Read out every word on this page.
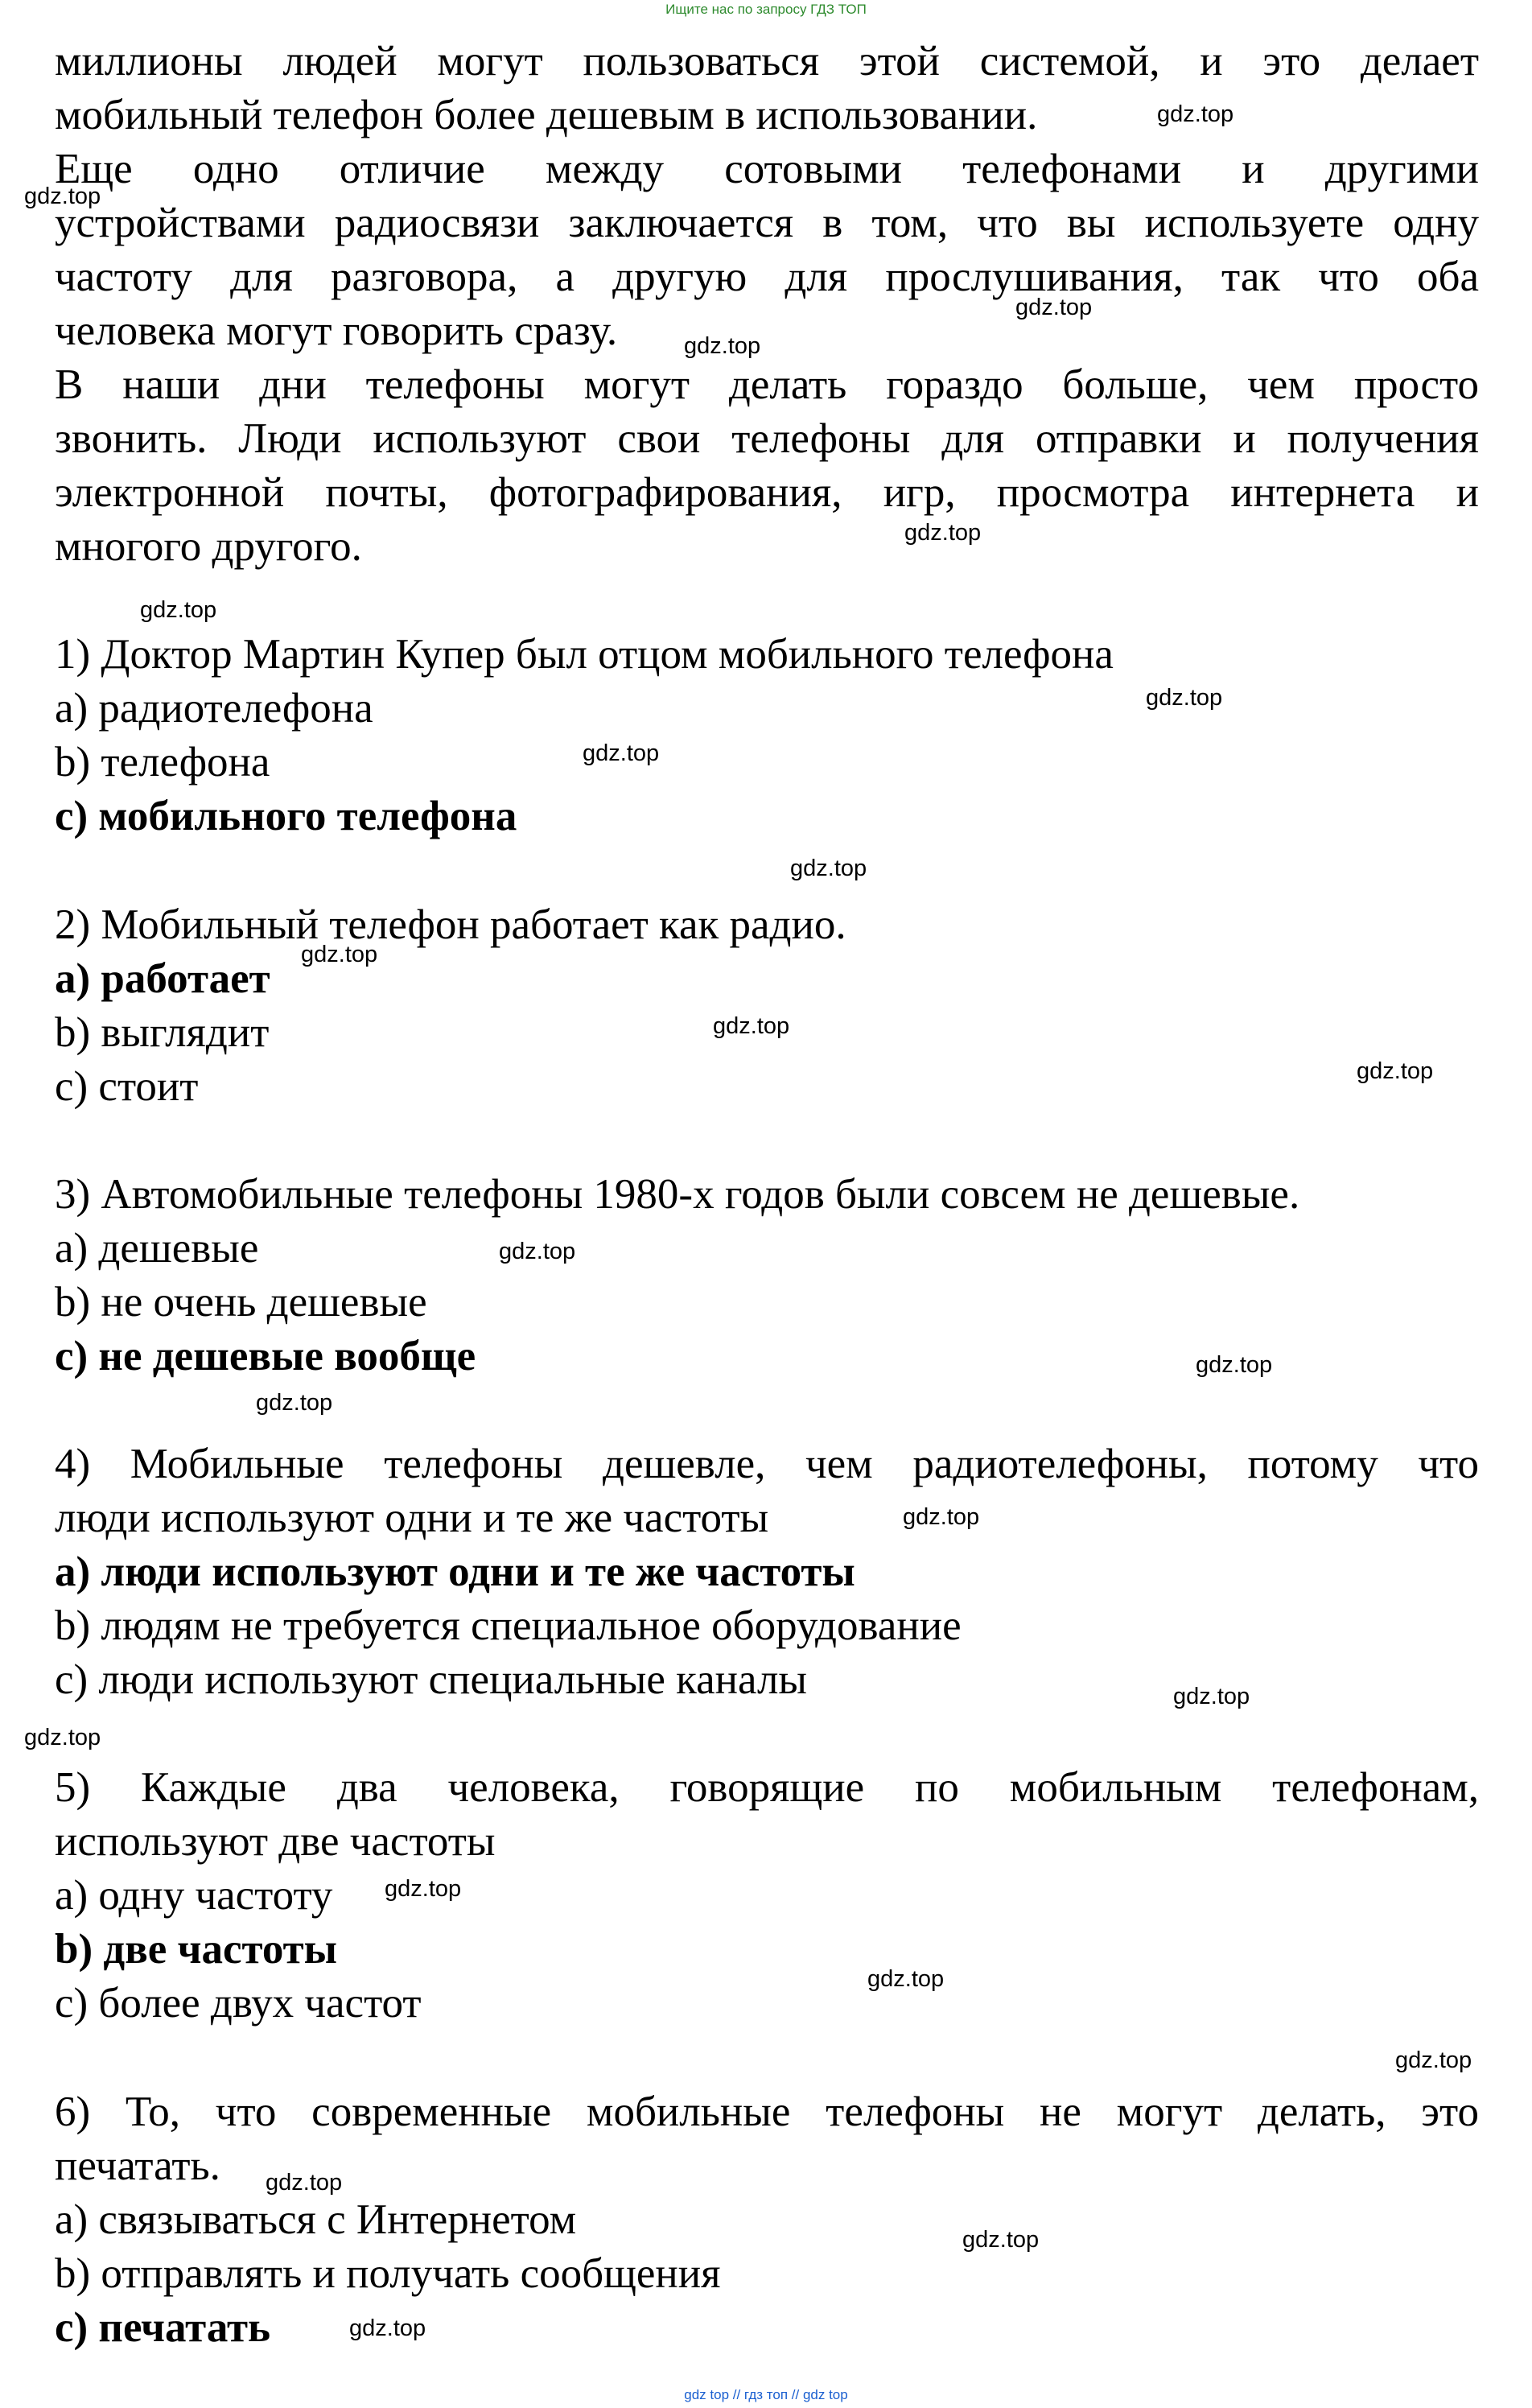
Ищите нас по запросу ГДЗ ТОП

миллионы людей могут пользоваться этой системой, и это делает

мобильный телефон более дешевым в использовании.

Еще одно отличие между сотовыми телефонами и другими

устройствами радиосвязи заключается в том, что вы используете одну

частоту для разговора, а другую для прослушивания, так что оба

человека могут говорить сразу.

В наши дни телефоны могут делать гораздо больше, чем просто

звонить. Люди используют свои телефоны для отправки и получения

электронной почты, фотографирования, игр, просмотра интернета и

многого другого.

1) Доктор Мартин Купер был отцом мобильного телефона

a) радиотелефона

b) телефона

c) мобильного телефона

2) Мобильный телефон работает как радио.

a) работает

b) выглядит

c) стоит

3) Автомобильные телефоны 1980-х годов были совсем не дешевые.

a) дешевые

b) не очень дешевые

c) не дешевые вообще

4) Мобильные телефоны дешевле, чем радиотелефоны, потому что

люди используют одни и те же частоты

a) люди используют одни и те же частоты

b) людям не требуется специальное оборудование

c) люди используют специальные каналы

5) Каждые два человека, говорящие по мобильным телефонам,

используют две частоты

a) одну частоту

b) две частоты

c) более двух частот

6) То, что современные мобильные телефоны не могут делать, это

печатать.

a) связываться с Интернетом

b) отправлять и получать сообщения

c) печатать

gdz.top
gdz.top
gdz.top
gdz.top
gdz.top
gdz.top
gdz.top
gdz.top
gdz.top
gdz.top
gdz.top
gdz.top
gdz.top
gdz.top
gdz.top
gdz.top
gdz.top
gdz.top
gdz.top
gdz.top
gdz.top
gdz.top
gdz.top
gdz.top
gdz top // гдз топ // gdz top
